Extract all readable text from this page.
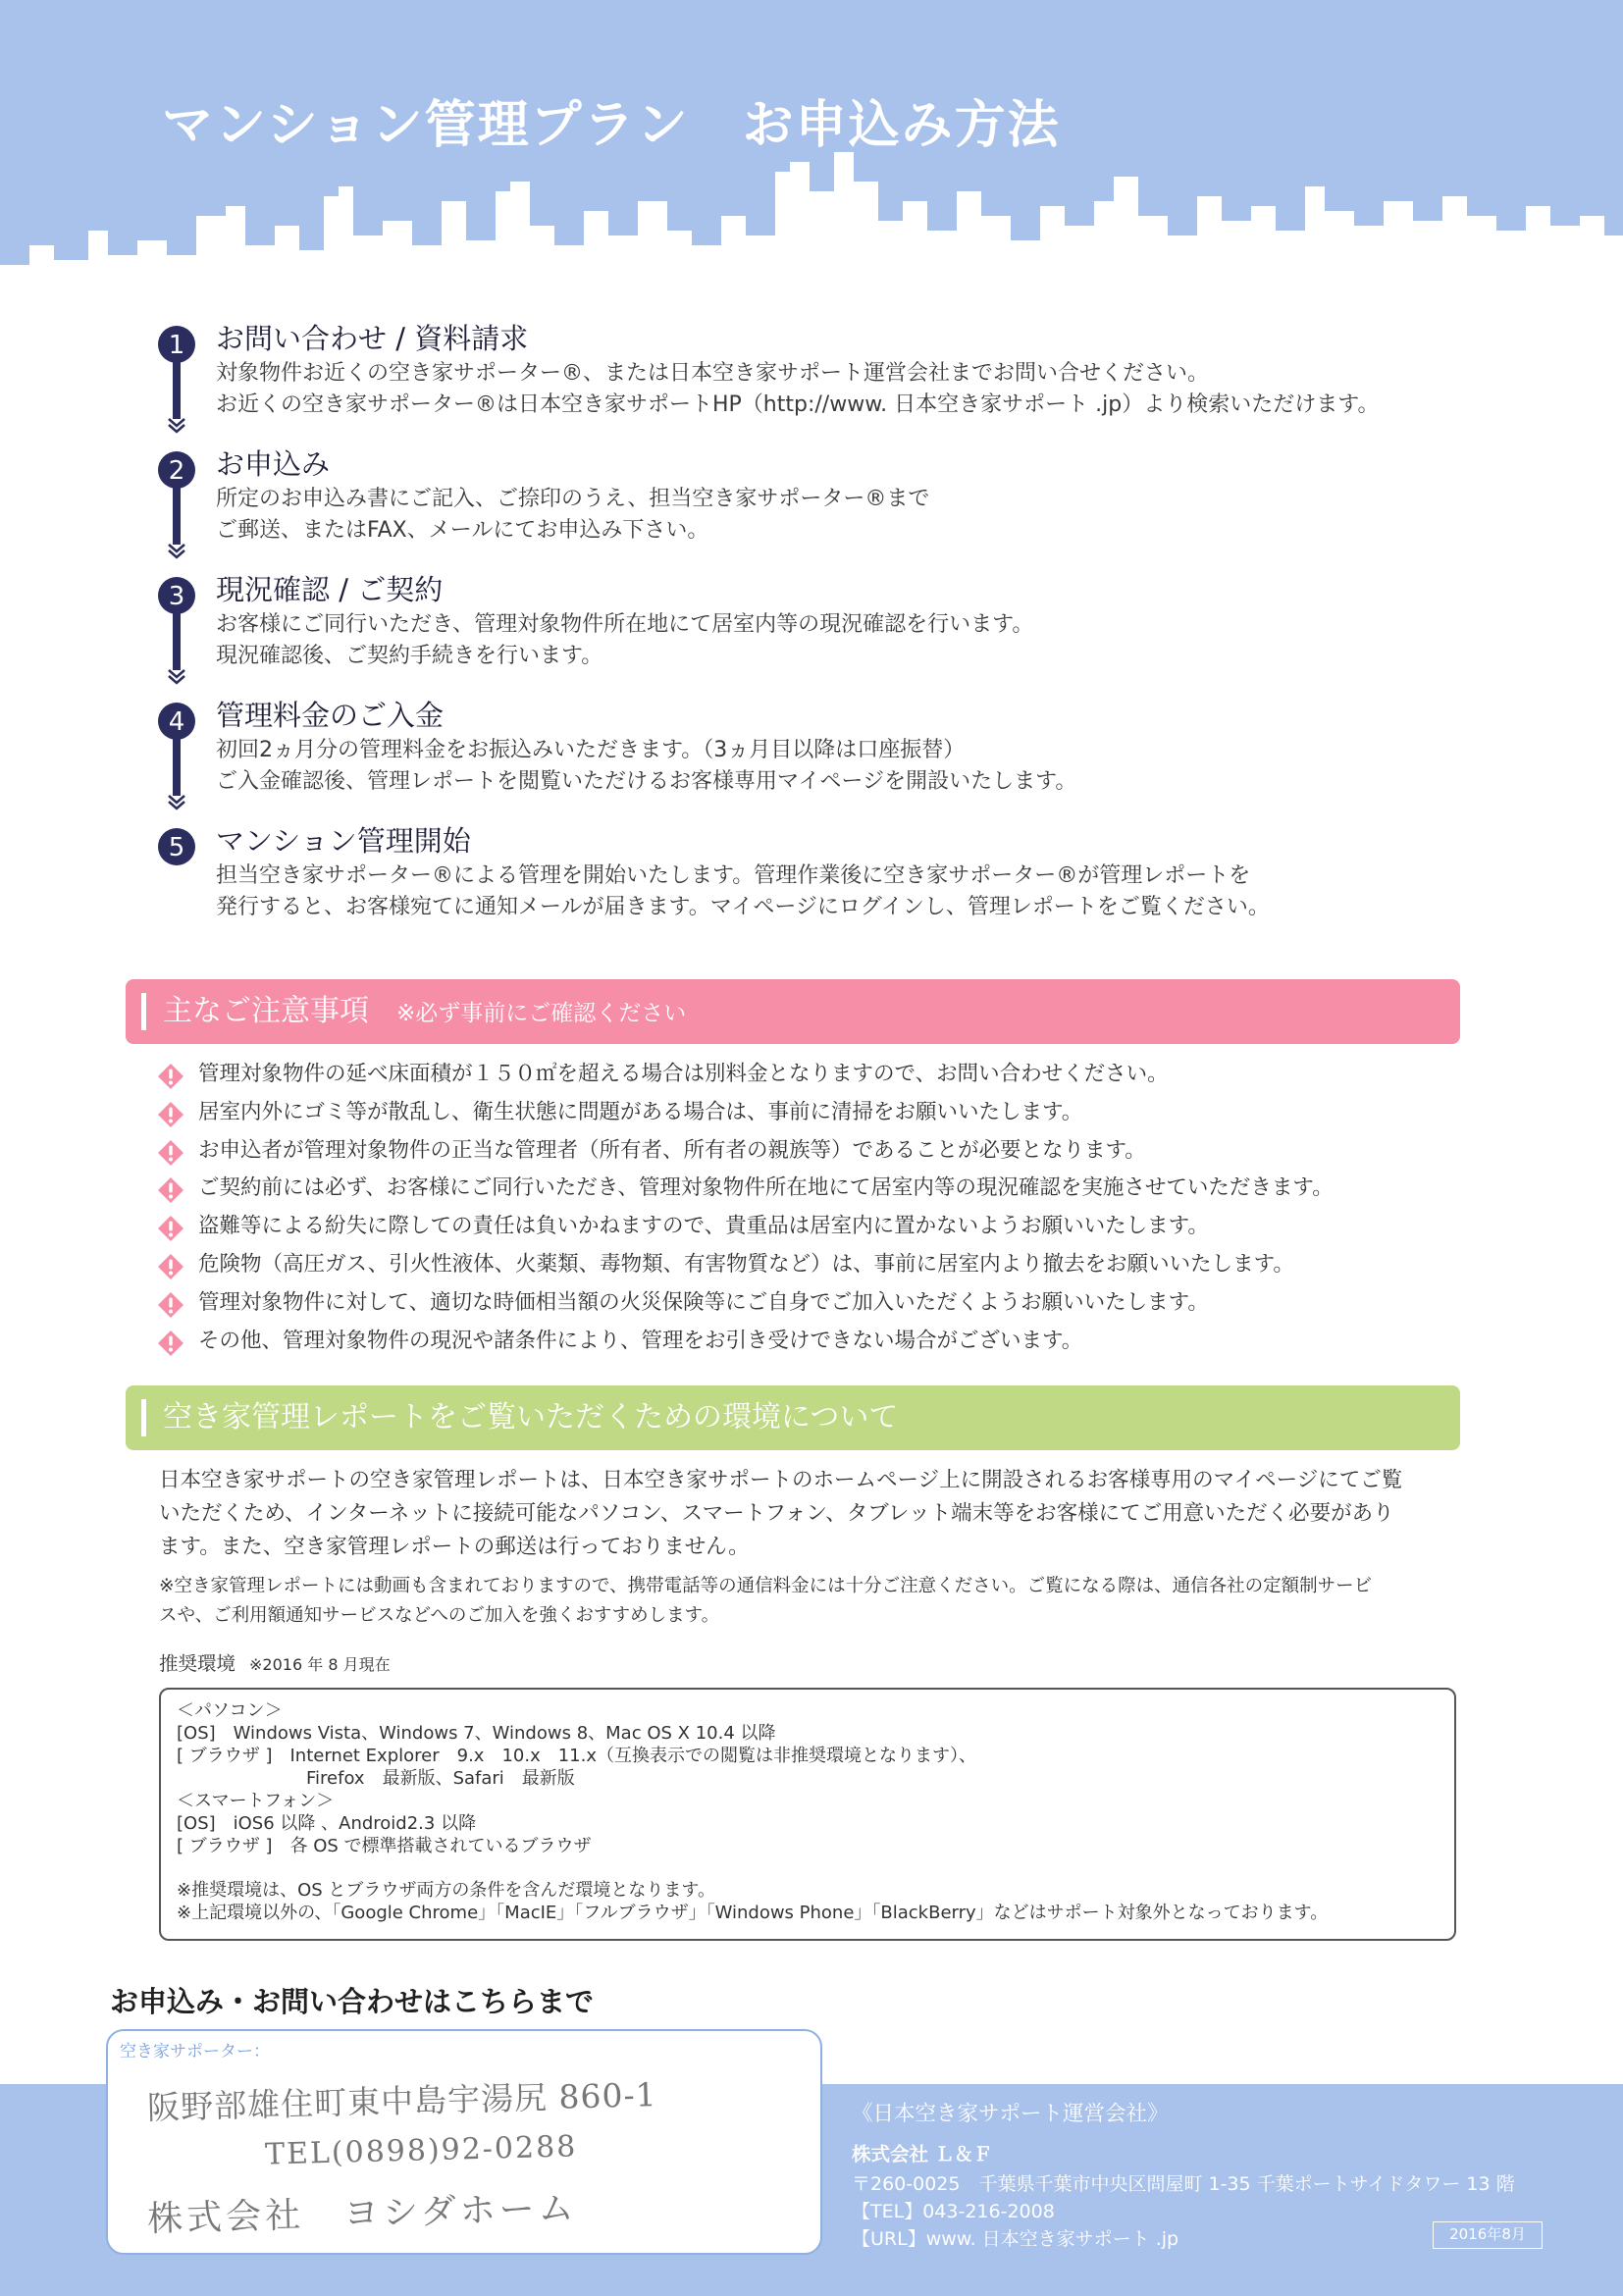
マンション管理プラン　お申込み方法
1 お問い合わせ / 資料請求
対象物件お近くの空き家サポーター®、または日本空き家サポート運営会社までお問い合せください。
お近くの空き家サポーター®は日本空き家サポートHP（http://www. 日本空き家サポート .jp）より検索いただけます。
2 お申込み
所定のお申込み書にご記入、ご捺印のうえ、担当空き家サポーター®まで
ご郵送、またはFAX、メールにてお申込み下さい。
3 現況確認 / ご契約
お客様にご同行いただき、管理対象物件所在地にて居室内等の現況確認を行います。
現況確認後、ご契約手続きを行います。
4 管理料金のご入金
初回2ヵ月分の管理料金をお振込みいただきます。（3ヵ月目以降は口座振替）
ご入金確認後、管理レポートを閲覧いただけるお客様専用マイページを開設いたします。
5 マンション管理開始
担当空き家サポーター®による管理を開始いたします。管理作業後に空き家サポーター®が管理レポートを
発行すると、お客様宛てに通知メールが届きます。マイページにログインし、管理レポートをご覧ください。
主なご注意事項 ※必ず事前にご確認ください
管理対象物件の延べ床面積が１５０㎡を超える場合は別料金となりますので、お問い合わせください。
居室内外にゴミ等が散乱し、衛生状態に問題がある場合は、事前に清掃をお願いいたします。
お申込者が管理対象物件の正当な管理者（所有者、所有者の親族等）であることが必要となります。
ご契約前には必ず、お客様にご同行いただき、管理対象物件所在地にて居室内等の現況確認を実施させていただきます。
盗難等による紛失に際しての責任は負いかねますので、貴重品は居室内に置かないようお願いいたします。
危険物（高圧ガス、引火性液体、火薬類、毒物類、有害物質など）は、事前に居室内より撤去をお願いいたします。
管理対象物件に対して、適切な時価相当額の火災保険等にご自身でご加入いただくようお願いいたします。
その他、管理対象物件の現況や諸条件により、管理をお引き受けできない場合がございます。
空き家管理レポートをご覧いただくための環境について

日本空き家サポートの空き家管理レポートは、日本空き家サポートのホームページ上に開設されるお客様専用のマイページにてご覧

いただくため、インターネットに接続可能なパソコン、スマートフォン、タブレット端末等をお客様にてご用意いただく必要があり

ます。また、空き家管理レポートの郵送は行っておりません。

※空き家管理レポートには動画も含まれておりますので、携帯電話等の通信料金には十分ご注意ください。ご覧になる際は、通信各社の定額制サービ

スや、ご利用額通知サービスなどへのご加入を強くおすすめします。

推奨環境 ※2016 年 8 月現在

＜パソコン＞

[OS]　Windows Vista、Windows 7、Windows 8、Mac OS X 10.4 以降

[ ブラウザ ]　Internet Explorer　9.x　10.x　11.x（互換表示での閲覧は非推奨環境となります）、

Firefox　最新版、Safari　最新版

＜スマートフォン＞

[OS]　iOS6 以降 、Android2.3 以降

[ ブラウザ ]　各 OS で標準搭載されているブラウザ

※推奨環境は、OS とブラウザ両方の条件を含んだ環境となります。

※上記環境以外の、「Google Chrome」「MacIE」「フルブラウザ」「Windows Phone」「BlackBerry」などはサポート対象外となっております。

お申込み・お問い合わせはこちらまで
空き家サポーター：
阪野部雄住町東中島宇湯尻 860-1
TEL(0898)92-0288
株式会社　ヨシダホーム
《日本空き家サポート運営会社》
株式会社 Ｌ＆Ｆ
〒260-0025　千葉県千葉市中央区問屋町 1-35 千葉ポートサイドタワー 13 階
【TEL】043-216-2008
【URL】www. 日本空き家サポート .jp	2016年8月
